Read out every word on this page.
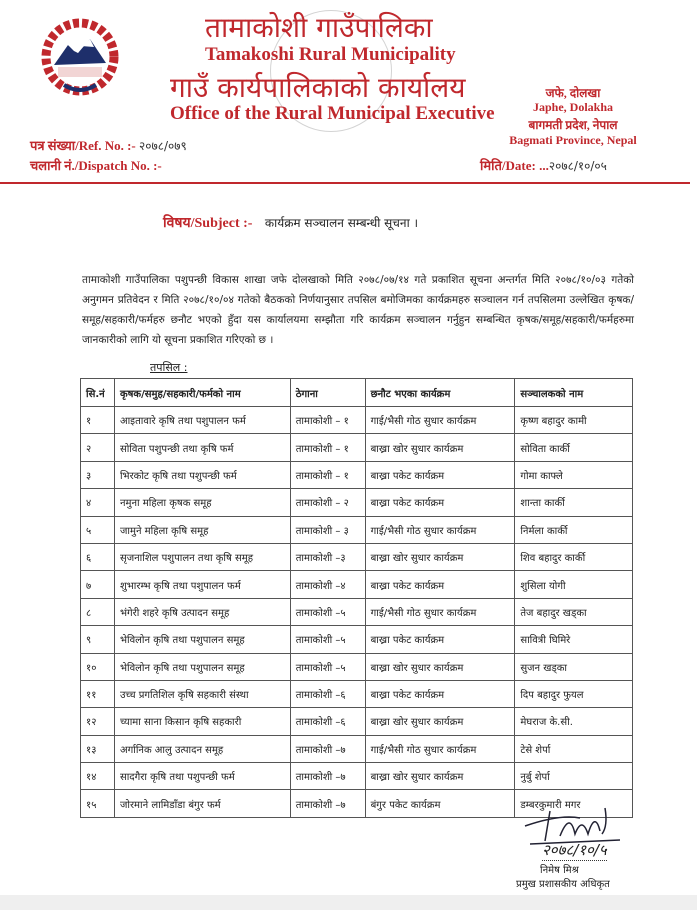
तामाकोशी गाउँपालिका
Tamakoshi Rural Municipality
गाउँ कार्यपालिकाको कार्यालय
Office of the Rural Municipal Executive
जफे, दोलखा
Japhe, Dolakha
बागमती प्रदेश, नेपाल
Bagmati Province, Nepal
पत्र संख्या/Ref. No. :- २०७८/०७९
चलानी नं./Dispatch No. :-	मिति/Date: ...२०७८/१०/०५
विषय/Subject :- कार्यक्रम सञ्चालन सम्बन्धी सूचना ।
तामाकोशी गाउँपालिका पशुपन्छी विकास शाखा जफे दोलखाको मिति २०७८/०७/१४ गते प्रकाशित सूचना अन्तर्गत मिति २०७८/१०/०३ गतेको अनुगमन प्रतिवेदन र मिति २०७८/१०/०४ गतेको बैठकको निर्णयानुसार तपसिल बमोजिमका कार्यक्रमहरु सञ्चालन गर्न तपसिलमा उल्लेखित कृषक/समूह/सहकारी/फर्महरु छनौट भएको हुँदा यस कार्यालयमा सम्झौता गरि कार्यक्रम सञ्चालन गर्नुहुन सम्बन्धित कृषक/समूह/सहकारी/फर्महरुमा जानकारीको लागि यो सूचना प्रकाशित गरिएको छ ।
तपसिल :
सि.नं	कृषक/समुह/सहकारी/फर्मको नाम	ठेगाना	छनौट भएका कार्यक्रम	सञ्चालकको नाम
१	आइतावारे कृषि तथा पशुपालन फर्म	तामाकोशी – १	गाई/भैसी गोठ सुधार कार्यक्रम	कृष्ण बहादुर कामी
२	सोविता पशुपन्छी तथा कृषि फर्म	तामाकोशी – १	बाख्रा खोर सुधार कार्यक्रम	सोविता कार्की
३	भिरकोट कृषि तथा पशुपन्छी फर्म	तामाकोशी – १	बाख्रा पकेट कार्यक्रम	गोमा काफ्ले
४	नमुना महिला कृषक समूह	तामाकोशी – २	बाख्रा पकेट कार्यक्रम	शान्ता कार्की
५	जामुने महिला कृषि समूह	तामाकोशी – ३	गाई/भैसी गोठ सुधार कार्यक्रम	निर्मला कार्की
६	सृजनाशिल पशुपालन तथा कृषि समूह	तामाकोशी –३	बाख्रा खोर सुधार कार्यक्रम	शिव बहादुर कार्की
७	शुभारम्भ कृषि तथा पशुपालन फर्म	तामाकोशी –४	बाख्रा पकेट कार्यक्रम	शुसिला योगी
८	भंगेरी शहरे कृषि उत्पादन समूह	तामाकोशी –५	गाई/भैसी गोठ सुधार कार्यक्रम	तेज बहादुर खड्का
९	भेविलोन कृषि तथा पशुपालन समूह	तामाकोशी –५	बाख्रा पकेट कार्यक्रम	सावित्री घिमिरे
१०	भेविलोन कृषि तथा पशुपालन समूह	तामाकोशी –५	बाख्रा खोर सुधार कार्यक्रम	सुजन खड्का
११	उच्च प्रगतिशिल कृषि सहकारी संस्था	तामाकोशी –६	बाख्रा पकेट कार्यक्रम	दिप बहादुर फुयल
१२	च्यामा साना किसान कृषि सहकारी	तामाकोशी –६	बाख्रा खोर सुधार कार्यक्रम	मेघराज के.सी.
१३	अर्गानिक आलु उत्पादन समूह	तामाकोशी –७	गाई/भैसी गोठ सुधार कार्यक्रम	टेसे शेर्पा
१४	सादगैरा कृषि तथा पशुपन्छी फर्म	तामाकोशी –७	बाख्रा खोर सुधार कार्यक्रम	नुर्बु शेर्पा
१५	जोरमाने लामिडाँडा बंगुर फर्म	तामाकोशी –७	बंगुर पकेट कार्यक्रम	डम्बरकुमारी मगर
२०७८/१०/५
निमेष मिश्र
प्रमुख प्रशासकीय अधिकृत
